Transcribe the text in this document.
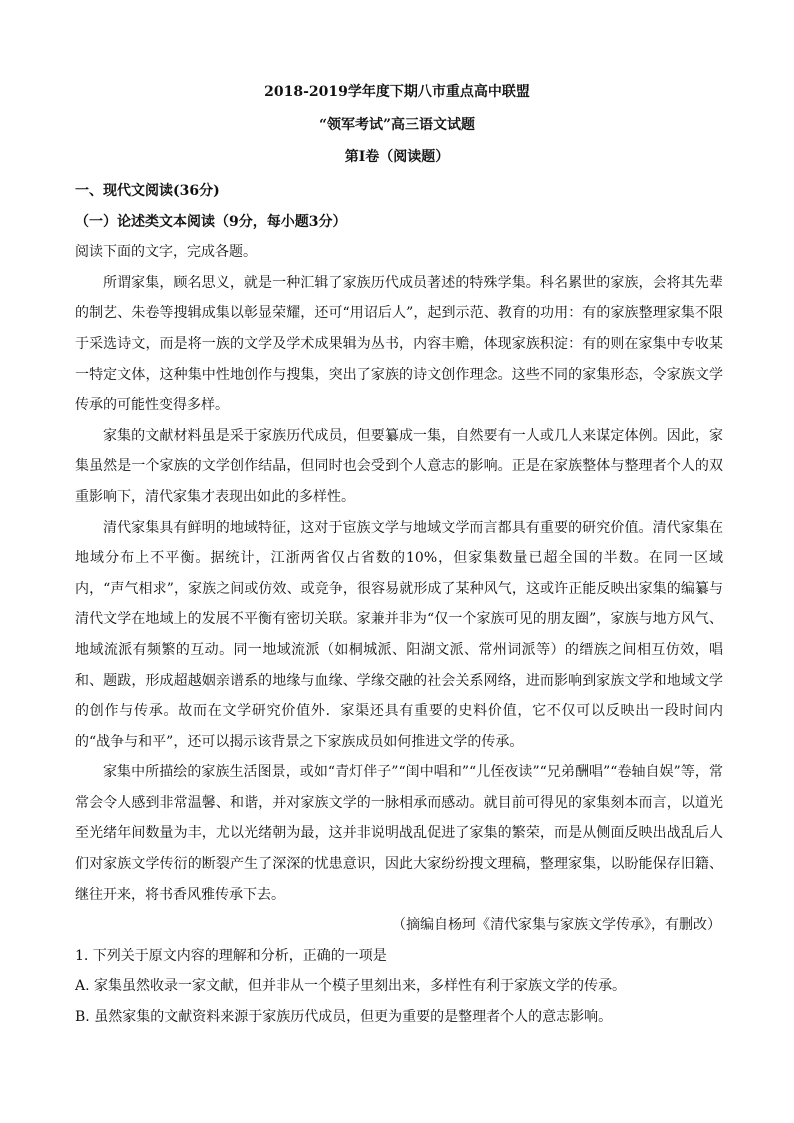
2018-2019学年度下期八市重点高中联盟
“领军考试”高三语文试题
第Ⅰ卷（阅读题）

一、现代文阅读(36分)

（一）论述类文本阅读（9分，每小题3分）

阅读下面的文字，完成各题。

所谓家集，顾名思义，就是一种汇辑了家族历代成员著述的特殊学集。科名累世的家族，会将其先辈的制艺、朱卷等搜辑成集以彰显荣耀，还可“用诏后人”，起到示范、教育的功用：有的家族整理家集不限于采选诗文，而是将一族的文学及学术成果辑为丛书，内容丰赡，体现家族积淀：有的则在家集中专收某一特定文体，这种集中性地创作与搜集，突出了家族的诗文创作理念。这些不同的家集形态，令家族文学传承的可能性变得多样。

家集的文献材料虽是采于家族历代成员，但要纂成一集，自然要有一人或几人来谋定体例。因此，家集虽然是一个家族的文学创作结晶，但同时也会受到个人意志的影响。正是在家族整体与整理者个人的双重影响下，清代家集才表现出如此的多样性。

清代家集具有鲜明的地域特征，这对于宦族文学与地域文学而言都具有重要的研究价值。清代家集在地域分布上不平衡。据统计，江浙两省仅占省数的10%，但家集数量已超全国的半数。在同一区域内，“声气相求”，家族之间或仿效、或竞争，很容易就形成了某种风气，这或许正能反映出家集的编纂与清代文学在地域上的发展不平衡有密切关联。家兼并非为“仅一个家族可见的朋友圈”，家族与地方风气、地域流派有频繁的互动。同一地域流派（如桐城派、阳湖文派、常州词派等）的缙族之间相互仿效，唱和、题跋，形成超越姻亲谱系的地缘与血缘、学缘交融的社会关系网络，进而影响到家族文学和地域文学的创作与传承。故而在文学研究价值外．家渠还具有重要的史料价值，它不仅可以反映出一段时间内的“战争与和平”，还可以揭示该背景之下家族成员如何推进文学的传承。

家集中所描绘的家族生活图景，或如“青灯伴子”“闺中唱和”“儿侄夜读”“兄弟酬唱”“卷轴自娱”等，常常会令人感到非常温馨、和谐，并对家族文学的一脉相承而感动。就目前可得见的家集刻本而言，以道光至光绪年间数量为丰，尤以光绪朝为最，这并非说明战乱促进了家集的繁荣，而是从侧面反映出战乱后人们对家族文学传衍的断裂产生了深深的忧患意识，因此大家纷纷搜文理稿，整理家集，以盼能保存旧籍、继往开来，将书香风雅传承下去。

（摘编自杨珂《清代家集与家族文学传承》，有删改）

1. 下列关于原文内容的理解和分析，正确的一项是

A. 家集虽然收录一家文献，但并非从一个模子里刻出来，多样性有利于家族文学的传承。

B. 虽然家集的文献资料来源于家族历代成员，但更为重要的是整理者个人的意志影响。
